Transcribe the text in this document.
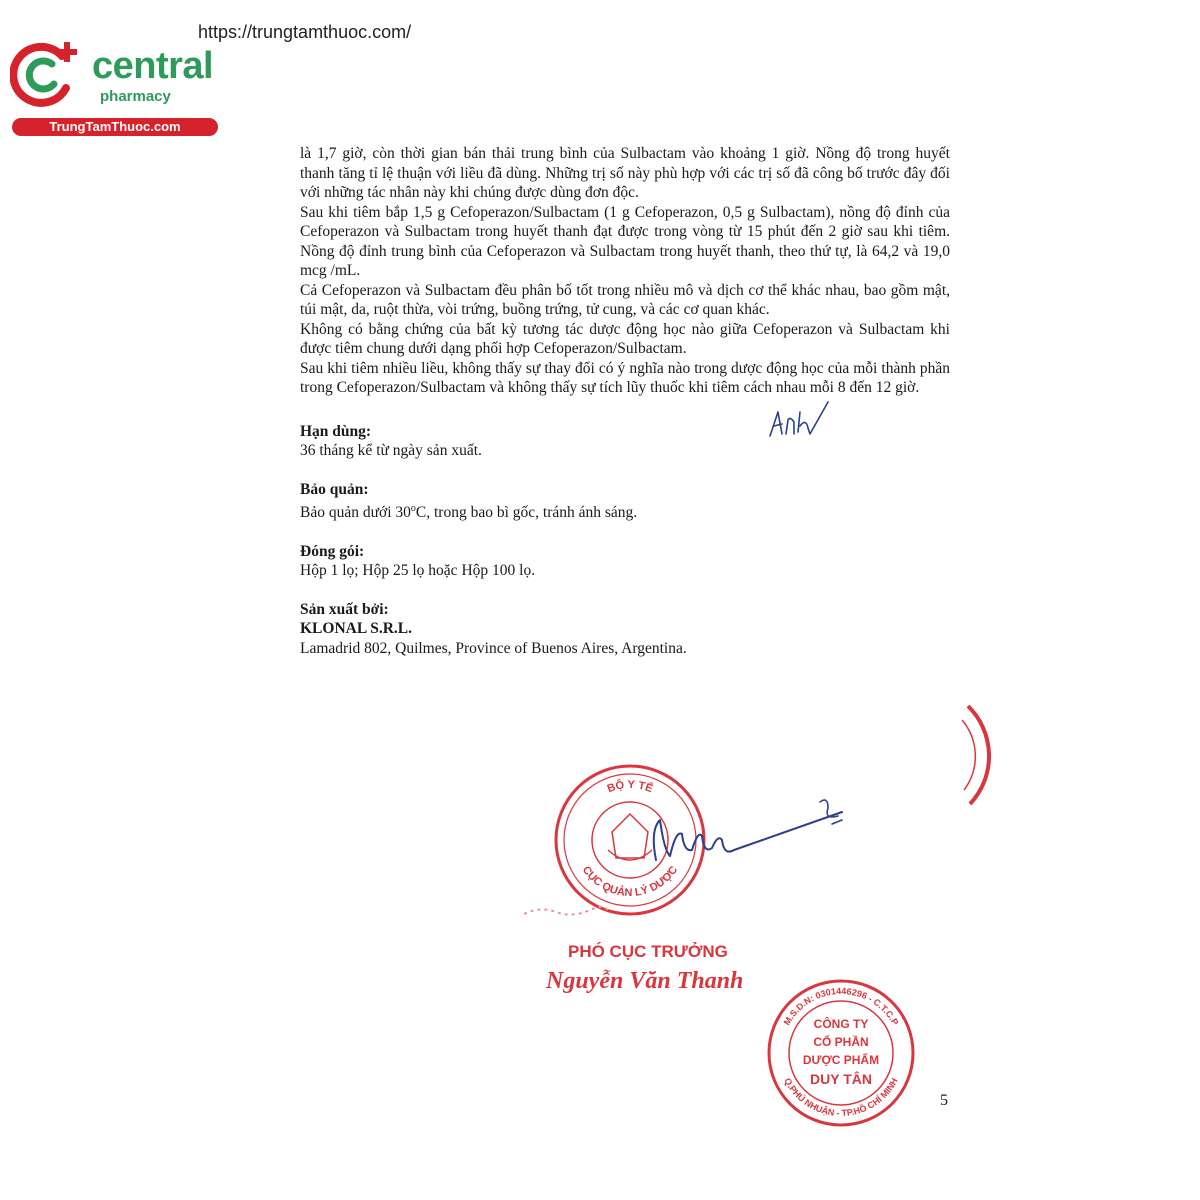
https://trungtamthuoc.com/
central
pharmacy
TrungTamThuoc.com

là 1,7 giờ, còn thời gian bán thải trung bình của Sulbactam vào khoảng 1 giờ. Nồng độ trong huyết thanh tăng tỉ lệ thuận với liều đã dùng. Những trị số này phù hợp với các trị số đã công bố trước đây đối với những tác nhân này khi chúng được dùng đơn độc.

Sau khi tiêm bắp 1,5 g Cefoperazon/Sulbactam (1 g Cefoperazon, 0,5 g Sulbactam), nồng độ đỉnh của Cefoperazon và Sulbactam trong huyết thanh đạt được trong vòng từ 15 phút đến 2 giờ sau khi tiêm. Nồng độ đỉnh trung bình của Cefoperazon và Sulbactam trong huyết thanh, theo thứ tự, là 64,2 và 19,0 mcg /mL.

Cả Cefoperazon và Sulbactam đều phân bố tốt trong nhiều mô và dịch cơ thể khác nhau, bao gồm mật, túi mật, da, ruột thừa, vòi trứng, buồng trứng, tử cung, và các cơ quan khác.

Không có bằng chứng của bất kỳ tương tác dược động học nào giữa Cefoperazon và Sulbactam khi được tiêm chung dưới dạng phối hợp Cefoperazon/Sulbactam.

Sau khi tiêm nhiều liều, không thấy sự thay đổi có ý nghĩa nào trong dược động học của mỗi thành phần trong Cefoperazon/Sulbactam và không thấy sự tích lũy thuốc khi tiêm cách nhau mỗi 8 đến 12 giờ.

Hạn dùng:

36 tháng kể từ ngày sản xuất.

Bảo quản:

Bảo quản dưới 30$^o$C, trong bao bì gốc, tránh ánh sáng.

Đóng gói:

Hộp 1 lọ; Hộp 25 lọ hoặc Hộp 100 lọ.

Sản xuất bởi:

KLONAL S.R.L.

Lamadrid 802, Quilmes, Province of Buenos Aires, Argentina.

BỘ Y TẾ
CỤC QUẢN LÝ DƯỢC
PHÓ CỤC TRƯỞNG
Nguyễn Văn Thanh
M.S.D.N: 0301446296 - C.T.C.P
Q.PHÚ NHUẬN - TP.HỒ CHÍ MINH
CÔNG TY
CỔ PHẦN
DƯỢC PHẨM
DUY TÂN
5
